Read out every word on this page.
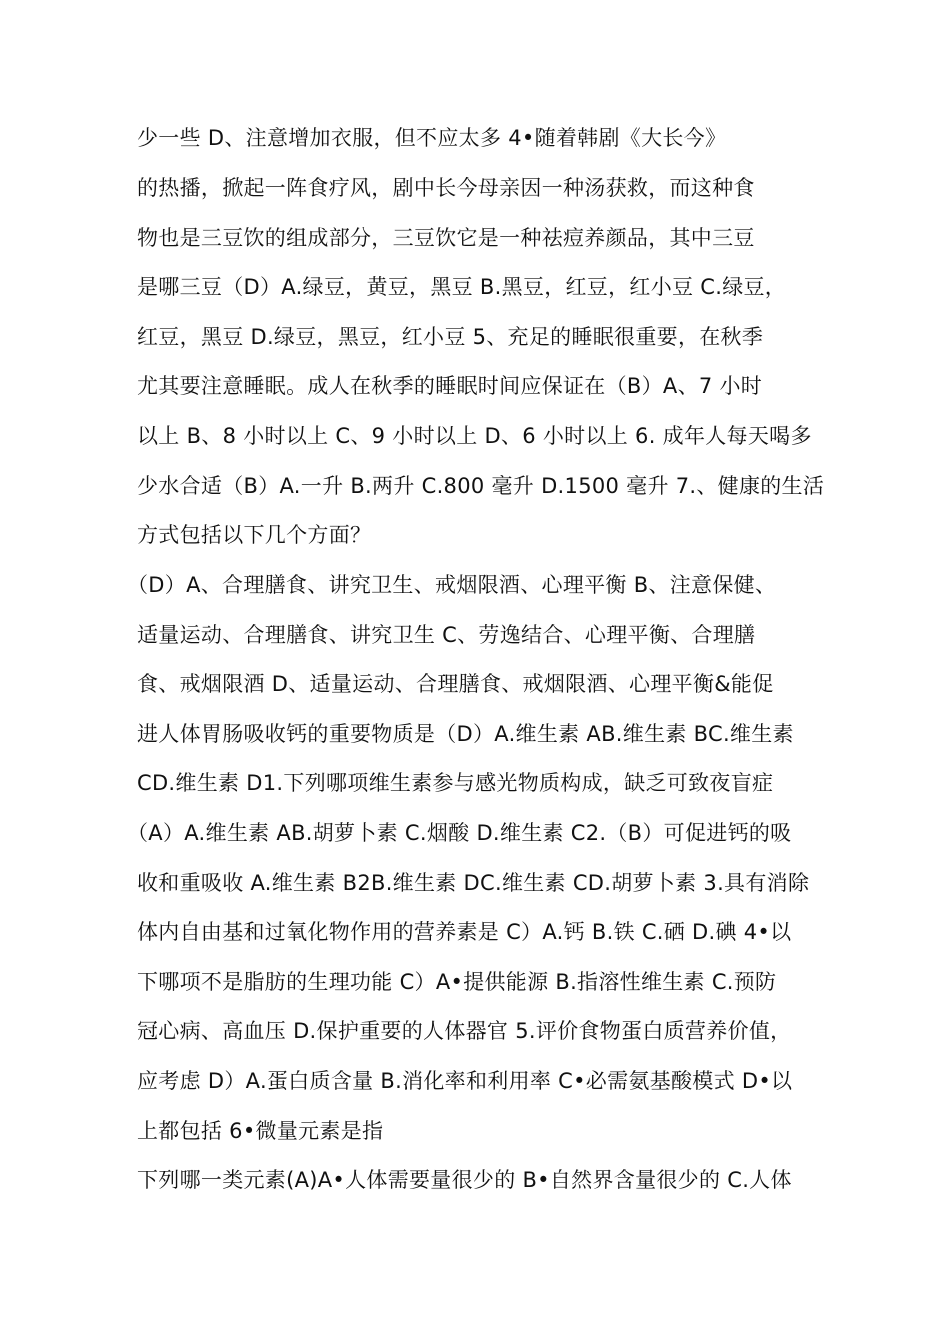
少一些 D、注意增加衣服，但不应太多 4•随着韩剧《大长今》
的热播，掀起一阵食疗风，剧中长今母亲因一种汤获救，而这种食
物也是三豆饮的组成部分，三豆饮它是一种祛痘养颜品，其中三豆
是哪三豆（D）A.绿豆，黄豆，黑豆 B.黑豆，红豆，红小豆 C.绿豆，
红豆，黑豆 D.绿豆，黑豆，红小豆 5、充足的睡眠很重要，在秋季
尤其要注意睡眠。成人在秋季的睡眠时间应保证在（B）A、7 小时
以上 B、8 小时以上 C、9 小时以上 D、6 小时以上 6. 成年人每天喝多
少水合适（B）A.一升 B.两升 C.800 毫升 D.1500 毫升 7.、健康的生活
方式包括以下几个方面？
（D）A、合理膳食、讲究卫生、戒烟限酒、心理平衡 B、注意保健、
适量运动、合理膳食、讲究卫生 C、劳逸结合、心理平衡、合理膳
食、戒烟限酒 D、适量运动、合理膳食、戒烟限酒、心理平衡&能促
进人体胃肠吸收钙的重要物质是（D）A.维生素 AB.维生素 BC.维生素
CD.维生素 D1.下列哪项维生素参与感光物质构成，缺乏可致夜盲症
（A）A.维生素 AB.胡萝卜素 C.烟酸 D.维生素 C2.（B）可促进钙的吸
收和重吸收 A.维生素 B2B.维生素 DC.维生素 CD.胡萝卜素 3.具有消除
体内自由基和过氧化物作用的营养素是 C）A.钙 B.铁 C.硒 D.碘 4•以
下哪项不是脂肪的生理功能 C）A•提供能源 B.指溶性维生素 C.预防
冠心病、高血压 D.保护重要的人体器官 5.评价食物蛋白质营养价值，
应考虑 D）A.蛋白质含量 B.消化率和利用率 C•必需氨基酸模式 D•以
上都包括 6•微量元素是指
下列哪一类元素(A)A•人体需要量很少的 B•自然界含量很少的 C.人体
